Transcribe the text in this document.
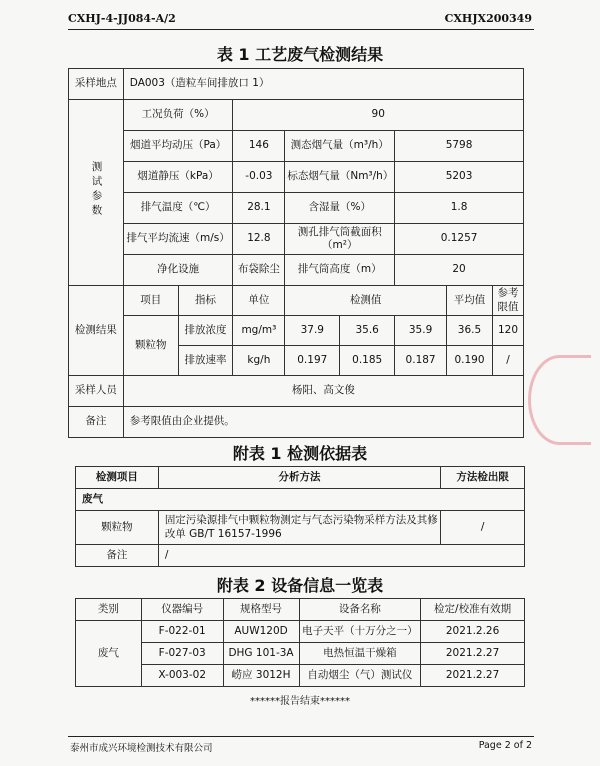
CXHJ-4-JJ084-A/2	CXHJX200349
表 1 工艺废气检测结果
采样地点	DA003（造粒车间排放口 1）							
测试参数	工况负荷（%）		90					
	烟道平均动压（Pa）		146	测态烟气量（m³/h）		5798		
	烟道静压（kPa）		-0.03	标态烟气量（Nm³/h）		5203		
	排气温度（℃）		28.1	含湿量（%）		1.8		
	排气平均流速（m/s）		12.8	测孔排气筒截面积（m²）		0.1257		
	净化设施		布袋除尘	排气筒高度（m）		20		
检测结果	项目	指标	单位	检测值			平均值	参考限值
	颗粒物	排放浓度	mg/m³	37.9	35.6	35.9	36.5	120
		排放速率	kg/h	0.197	0.185	0.187	0.190	/
采样人员	杨阳、高文俊							
备注	参考限值由企业提供。							
附表 1 检测依据表
检测项目	分析方法	方法检出限
废气		
颗粒物	固定污染源排气中颗粒物测定与气态污染物采样方法及其修改单 GB/T 16157-1996	/
备注	/	
附表 2 设备信息一览表
类别	仪器编号	规格型号	设备名称	检定/校准有效期
废气	F-022-01	AUW120D	电子天平（十万分之一）	2021.2.26
	F-027-03	DHG 101-3A	电热恒温干燥箱	2021.2.27
	X-003-02	崂应 3012H	自动烟尘（气）测试仪	2021.2.27
******报告结束******
泰州市成兴环境检测技术有限公司	Page 2 of 2
